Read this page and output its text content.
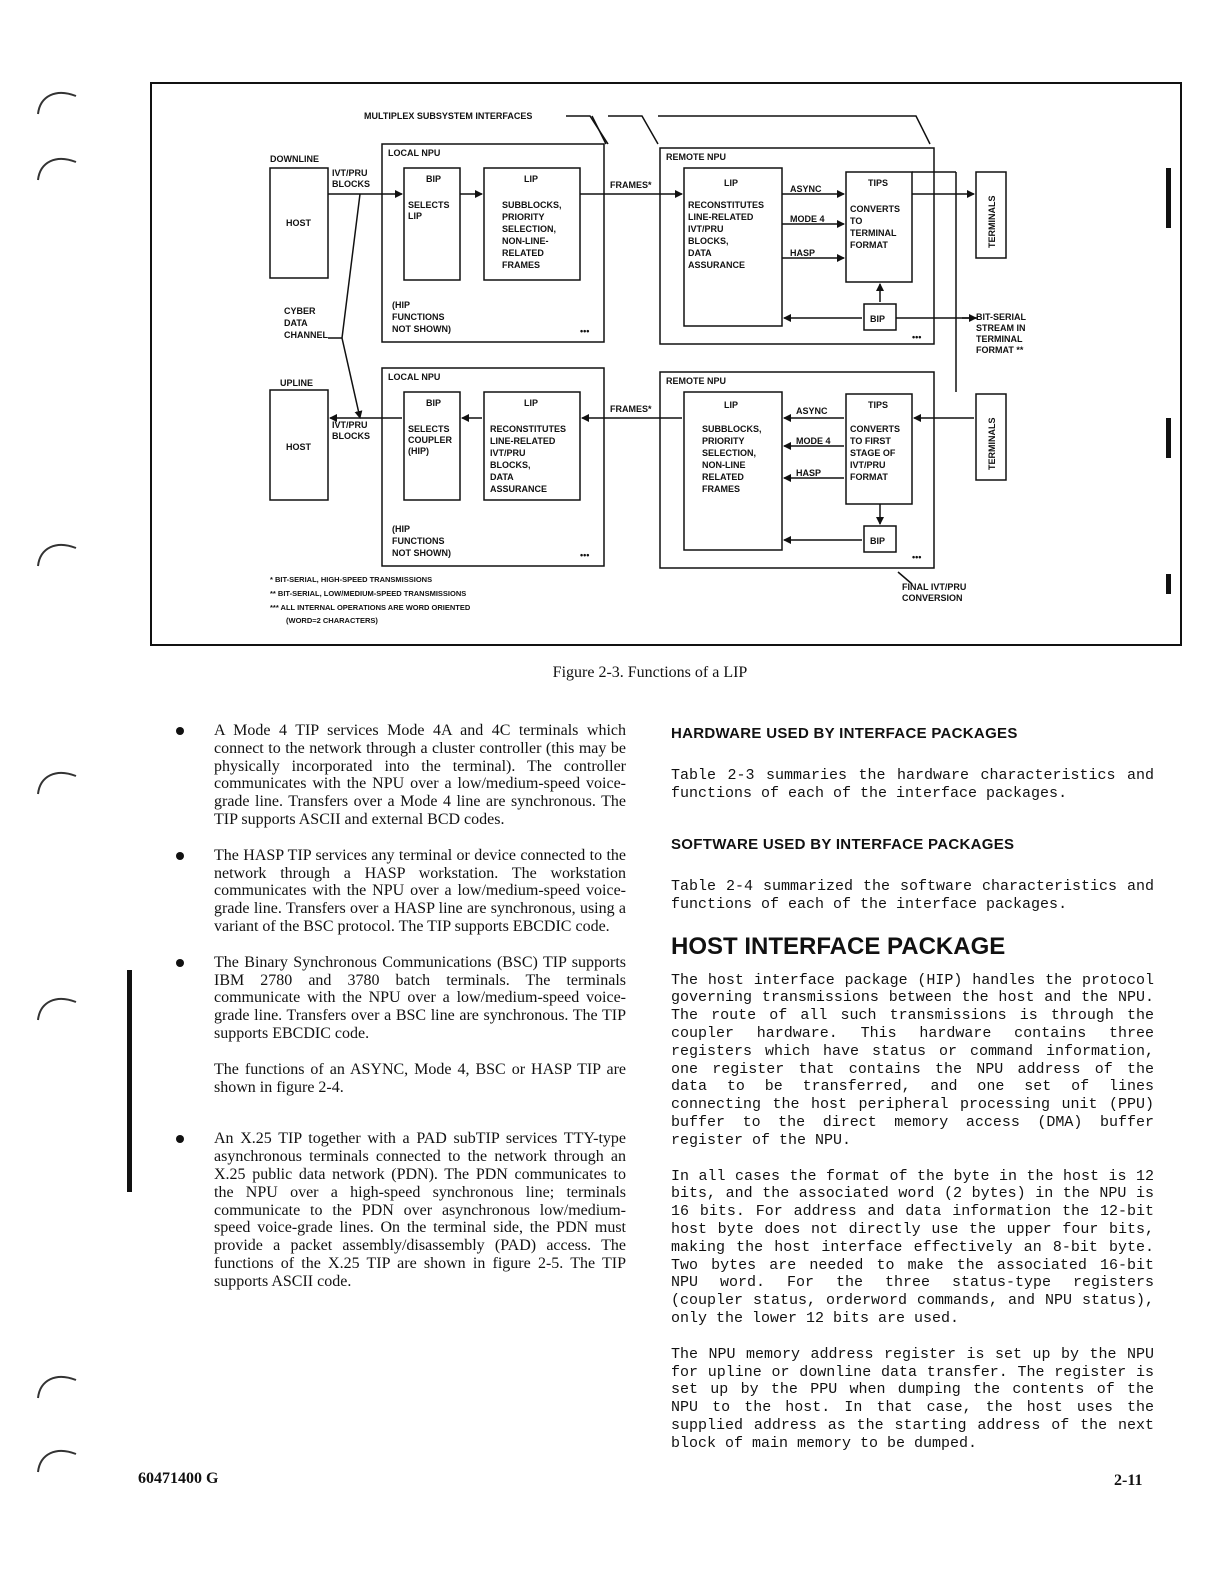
MULTIPLEX SUBSYSTEM INTERFACES
DOWNLINE
HOST
IVT/PRU
BLOCKS
CYBER
DATA
CHANNEL
LOCAL NPU
BIP
SELECTS
LIP
LIP
SUBBLOCKS,
PRIORITY
SELECTION,
NON-LINE-
RELATED
FRAMES
(HIP
FUNCTIONS
NOT SHOWN)	•••
FRAMES*
REMOTE NPU
LIP
RECONSTITUTES
LINE-RELATED
IVT/PRU
BLOCKS,
DATA
ASSURANCE
ASYNC
MODE 4
HASP
TIPS
CONVERTS
TO
TERMINAL
FORMAT
BIP
•••
BIT-SERIAL
STREAM IN
TERMINAL
FORMAT **
TERMINALS
UPLINE
HOST
IVT/PRU
BLOCKS
LOCAL NPU
BIP
SELECTS
COUPLER
(HIP)
LIP
RECONSTITUTES
LINE-RELATED
IVT/PRU
BLOCKS,
DATA
ASSURANCE
(HIP
FUNCTIONS
NOT SHOWN)	•••
FRAMES*
REMOTE NPU
LIP
SUBBLOCKS,
PRIORITY
SELECTION,
NON-LINE
RELATED
FRAMES
ASYNC
MODE 4
HASP
TIPS
CONVERTS
TO FIRST
STAGE OF
IVT/PRU
FORMAT
BIP
•••
TERMINALS
FINAL IVT/PRU
CONVERSION
* BIT-SERIAL, HIGH-SPEED TRANSMISSIONS
** BIT-SERIAL, LOW/MEDIUM-SPEED TRANSMISSIONS
*** ALL INTERNAL OPERATIONS ARE WORD ORIENTED
(WORD=2 CHARACTERS)
Figure 2-3. Functions of a LIP
A Mode 4 TIP services Mode 4A and 4C terminals which connect to the network through a cluster controller (this may be physically incorporated into the terminal). The controller communicates with the NPU over a low/medium-speed voice-grade line. Transfers over a Mode 4 line are synchronous. The TIP supports ASCII and external BCD codes.
The HASP TIP services any terminal or device connected to the network through a HASP workstation. The workstation communicates with the NPU over a low/medium-speed voice-grade line. Transfers over a HASP line are synchronous, using a variant of the BSC protocol. The TIP supports EBCDIC code.
The Binary Synchronous Communications (BSC) TIP supports IBM 2780 and 3780 batch terminals. The terminals communicate with the NPU over a low/medium-speed voice-grade line. Transfers over a BSC line are synchronous. The TIP supports EBCDIC code.
The functions of an ASYNC, Mode 4, BSC or HASP TIP are shown in figure 2-4.
An X.25 TIP together with a PAD subTIP services TTY-type asynchronous terminals connected to the network through an X.25 public data network (PDN). The PDN communicates to the NPU over a high-speed synchronous line; terminals communicate to the PDN over asynchronous low/medium-speed voice-grade lines. On the terminal side, the PDN must provide a packet assembly/disassembly (PAD) access. The functions of the X.25 TIP are shown in figure 2-5. The TIP supports ASCII code.
HARDWARE USED BY INTERFACE PACKAGES
Table 2-3 summaries the hardware characteristics and functions of each of the interface packages.
SOFTWARE USED BY INTERFACE PACKAGES
Table 2-4 summarized the software characteristics and functions of each of the interface packages.
HOST INTERFACE PACKAGE
The host interface package (HIP) handles the protocol governing transmissions between the host and the NPU. The route of all such transmissions is through the coupler hardware. This hardware contains three registers which have status or command information, one register that contains the NPU address of the data to be transferred, and one set of lines connecting the host peripheral processing unit (PPU) buffer to the direct memory access (DMA) buffer register of the NPU.
In all cases the format of the byte in the host is 12 bits, and the associated word (2 bytes) in the NPU is 16 bits. For address and data information the 12-bit host byte does not directly use the upper four bits, making the host interface effectively an 8-bit byte. Two bytes are needed to make the associated 16-bit NPU word. For the three status-type registers (coupler status, orderword commands, and NPU status), only the lower 12 bits are used.
The NPU memory address register is set up by the NPU for upline or downline data transfer. The register is set up by the PPU when dumping the contents of the NPU to the host. In that case, the host uses the supplied address as the starting address of the next block of main memory to be dumped.
60471400 G	2-11
